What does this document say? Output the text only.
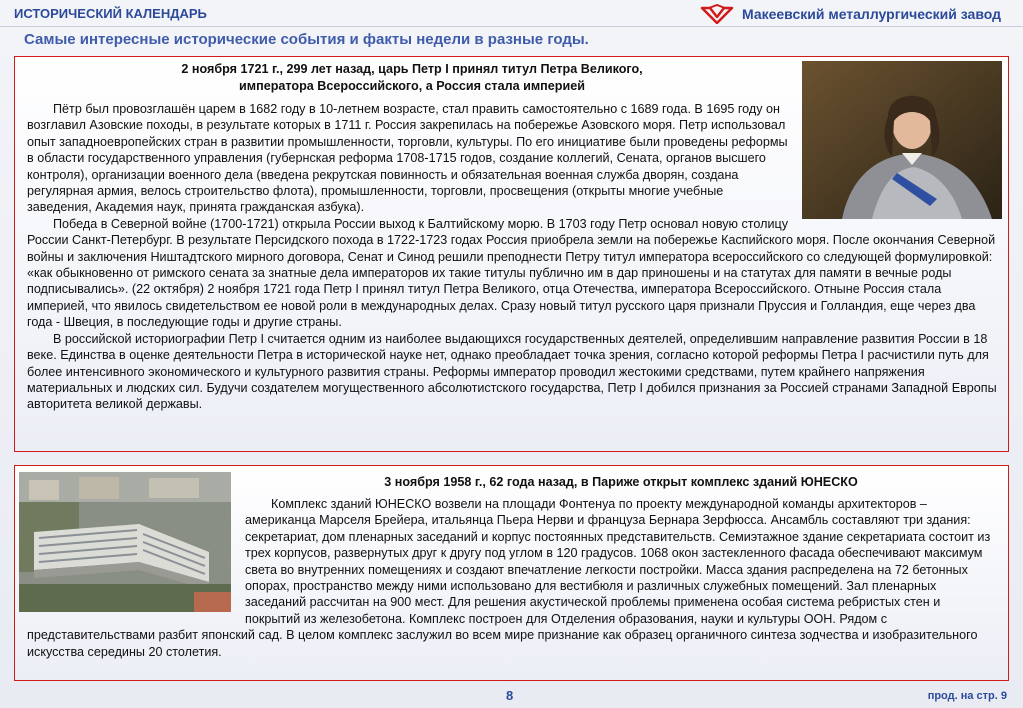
ИСТОРИЧЕСКИЙ КАЛЕНДАРЬ	Макеевский металлургический завод
Самые интересные исторические события и факты недели в разные годы.
2 ноября 1721 г., 299 лет назад, царь Петр I принял титул Петра Великого,
императора Всероссийского, а Россия стала империей

Пётр был провозглашён царем в 1682 году в 10-летнем возрасте, стал править самостоятельно с 1689 года. В 1695 году он возглавил Азовские походы, в результате которых в 1711 г. Россия закрепилась на побережье Азовского моря. Петр использовал опыт западноевропейских стран в развитии промышленности, торговли, культуры. По его инициативе были проведены реформы в области государственного управления (губернская реформа 1708-1715 годов, создание коллегий, Сената, органов высшего контроля), организации военного дела (введена рекрутская повинность и обязательная военная служба дворян, создана регулярная армия, велось строительство флота), промышленности, торговли, просвещения (открыты многие учебные заведения, Академия наук, принята гражданская азбука).

Победа в Северной войне (1700-1721) открыла России выход к Балтийскому морю. В 1703 году Петр основал новую столицу России Санкт-Петербург. В результате Персидского похода в 1722-1723 годах Россия приобрела земли на побережье Каспийского моря. После окончания Северной войны и заключения Ништадтского мирного договора, Сенат и Синод решили преподнести Петру титул императора всероссийского со следующей формулировкой: «как обыкновенно от римского сената за знатные дела императоров их такие титулы публично им в дар приношены и на статутах для памяти в вечные роды подписывались». (22 октября) 2 ноября 1721 года Петр I принял титул Петра Великого, отца Отечества, императора Всероссийского. Отныне Россия стала империей, что явилось свидетельством ее новой роли в международных делах. Сразу новый титул русского царя признали Пруссия и Голландия, еще через два года - Швеция, в последующие годы и другие страны.

В российской историографии Петр I считается одним из наиболее выдающихся государственных деятелей, определившим направление развития России в 18 веке. Единства в оценке деятельности Петра в исторической науке нет, однако преобладает точка зрения, согласно которой реформы Петра I расчистили путь для более интенсивного экономического и культурного развития страны. Реформы император проводил жестокими средствами, путем крайнего напряжения материальных и людских сил. Будучи создателем могущественного абсолютистского государства, Петр I добился признания за Россией странами Западной Европы авторитета великой державы.

3 ноября 1958 г., 62 года назад, в Париже открыт комплекс зданий ЮНЕСКО

Комплекс зданий ЮНЕСКО возвели на площади Фонтенуа по проекту международной команды архитекторов – американца Марселя Брейера, итальянца Пьера Нерви и француза Бернара Зерфюсса. Ансамбль составляют три здания: секретариат, дом пленарных заседаний и корпус постоянных представительств. Семиэтажное здание секретариата состоит из трех корпусов, развернутых друг к другу под углом в 120 градусов. 1068 окон застекленного фасада обеспечивают максимум света во внутренних помещениях и создают впечатление легкости постройки. Масса здания распределена на 72 бетонных опорах, пространство между ними использовано для вестибюля и различных служебных помещений. Зал пленарных заседаний рассчитан на 900 мест. Для решения акустической проблемы применена особая система ребристых стен и покрытий из железобетона. Комплекс построен для Отделения образования, науки и культуры ООН. Рядом с представительствами разбит японский сад. В целом комплекс заслужил во всем мире признание как образец органичного синтеза зодчества и изобразительного искусства середины 20 столетия.

8	прод. на стр. 9
